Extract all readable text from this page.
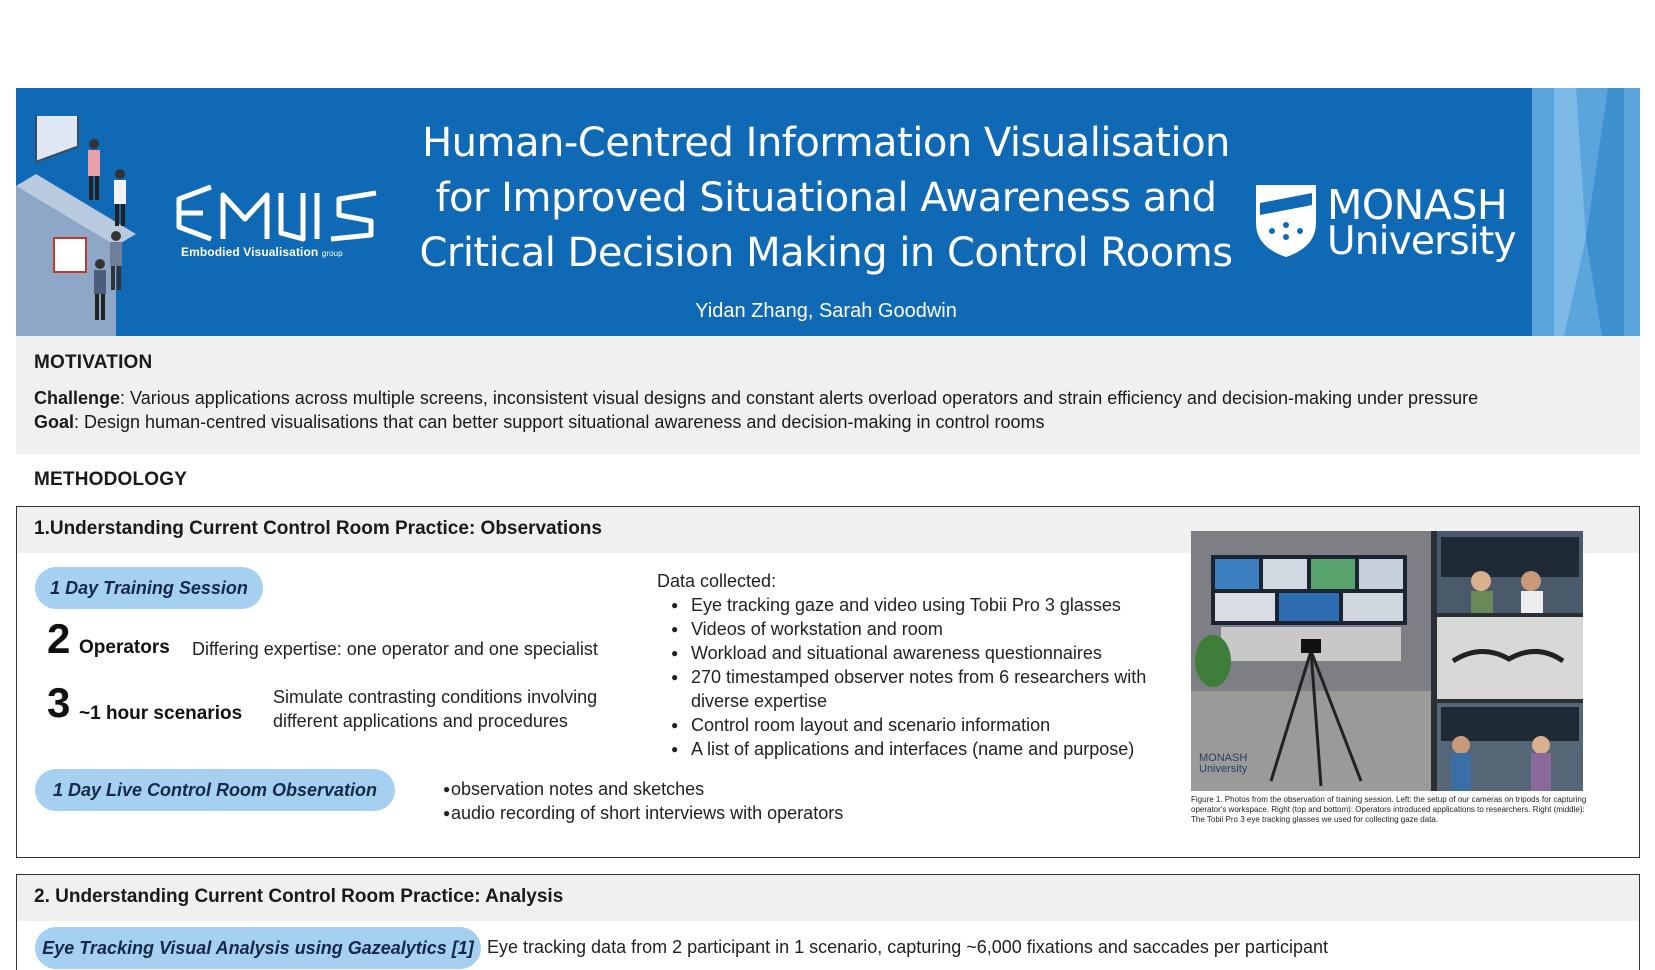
Embodied Visualisation group
Human-Centred Information Visualisation
for Improved Situational Awareness and
Critical Decision Making in Control Rooms
Yidan Zhang, Sarah Goodwin
MONASH
University
MOTIVATION
Challenge: Various applications across multiple screens, inconsistent visual designs and constant alerts overload operators and strain efficiency and decision-making under pressure
Goal: Design human-centred visualisations that can better support situational awareness and decision-making in control rooms
METHODOLOGY
1.Understanding Current Control Room Practice: Observations
1 Day Training Session
2 Operators Differing expertise: one operator and one specialist
3 ~1 hour scenarios
Simulate contrasting conditions involving
different applications and procedures
Data collected:
● Eye tracking gaze and video using Tobii Pro 3 glasses
● Videos of workstation and room
● Workload and situational awareness questionnaires
● 270 timestamped observer notes from 6 researchers with diverse expertise
● Control room layout and scenario information
● A list of applications and interfaces (name and purpose)
1 Day Live Control Room Observation
●	observation notes and sketches
● audio recording of short interviews with operators
MONASH
University
Figure 1. Photos from the observation of training session. Left: the setup of our cameras on tripods for capturing operator's workspace. Right (top and bottom): Operators introduced applications to researchers. Right (middle): The Tobii Pro 3 eye tracking glasses we used for collecting gaze data.
2. Understanding Current Control Room Practice: Analysis
Eye Tracking Visual Analysis using Gazealytics [1] Eye tracking data from 2 participant in 1 scenario, capturing ~6,000 fixations and saccades per participant
